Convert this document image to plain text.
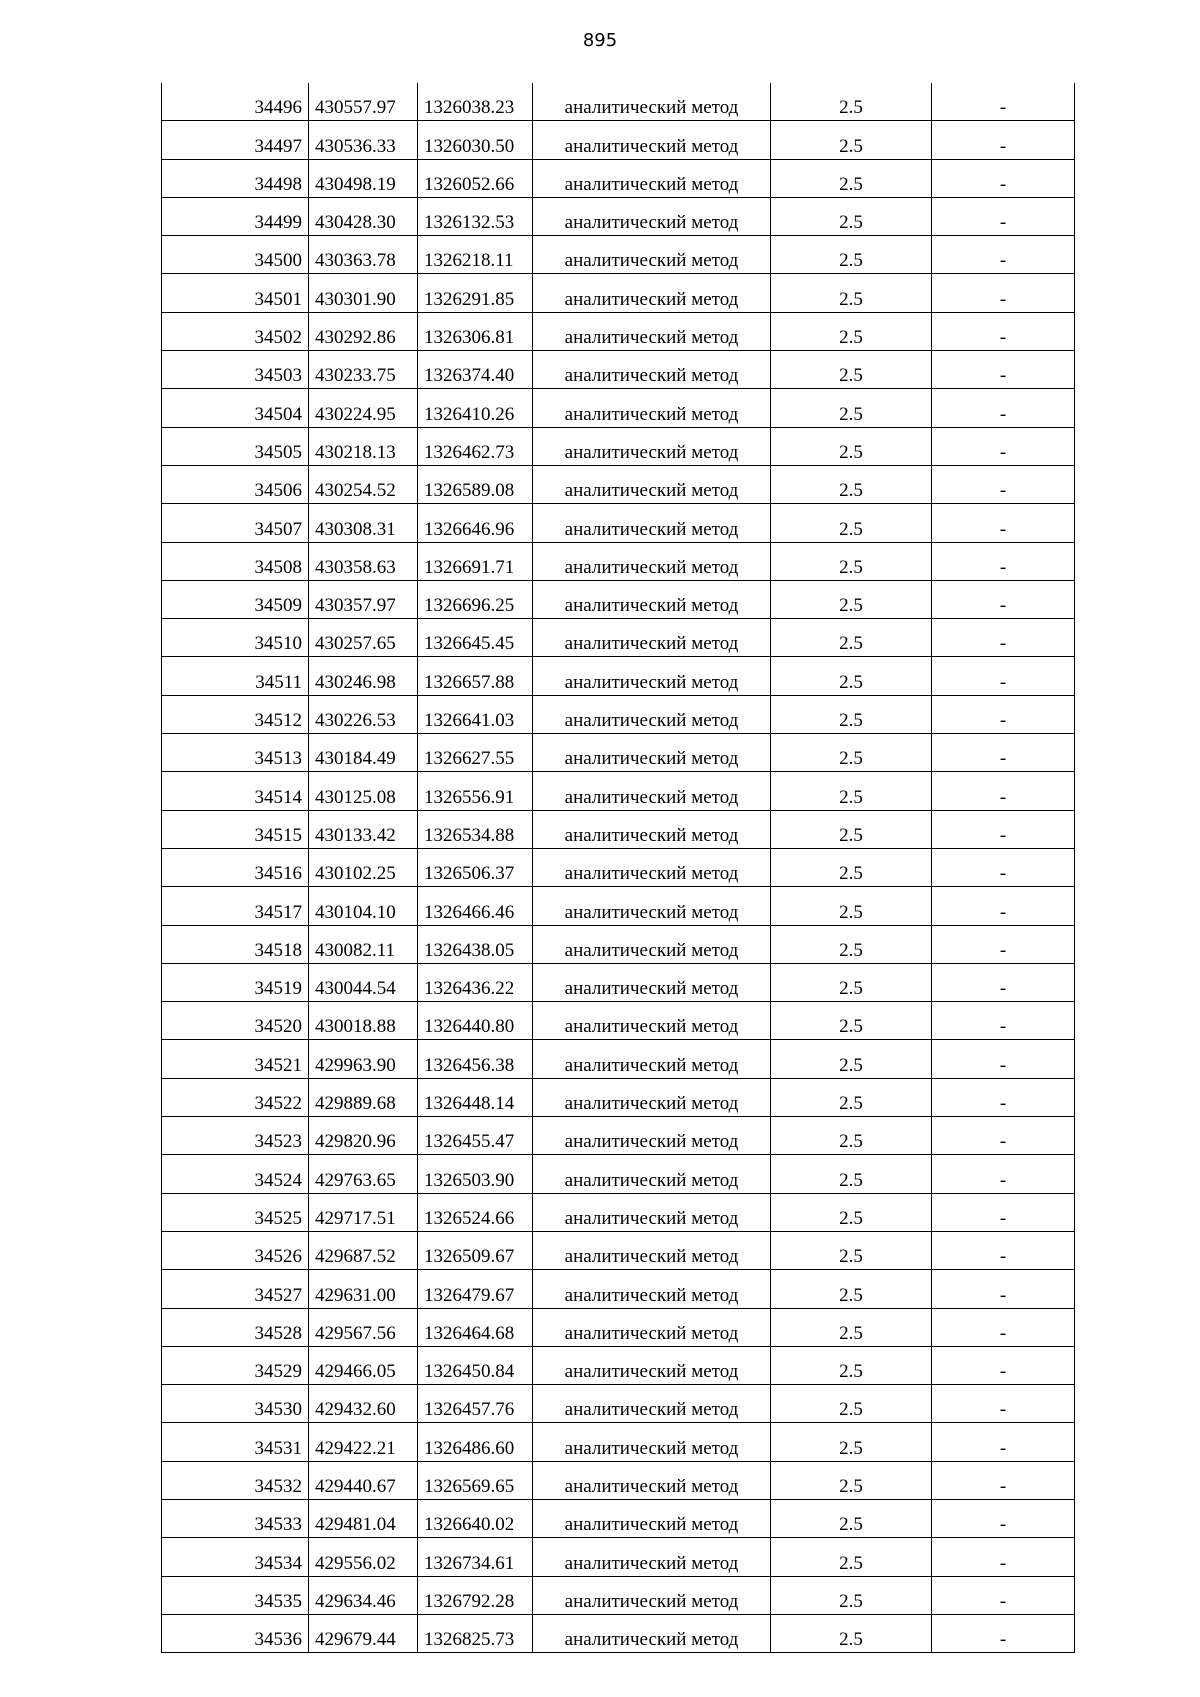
895
34496	430557.97	1326038.23	аналитический метод	2.5	-
34497	430536.33	1326030.50	аналитический метод	2.5	-
34498	430498.19	1326052.66	аналитический метод	2.5	-
34499	430428.30	1326132.53	аналитический метод	2.5	-
34500	430363.78	1326218.11	аналитический метод	2.5	-
34501	430301.90	1326291.85	аналитический метод	2.5	-
34502	430292.86	1326306.81	аналитический метод	2.5	-
34503	430233.75	1326374.40	аналитический метод	2.5	-
34504	430224.95	1326410.26	аналитический метод	2.5	-
34505	430218.13	1326462.73	аналитический метод	2.5	-
34506	430254.52	1326589.08	аналитический метод	2.5	-
34507	430308.31	1326646.96	аналитический метод	2.5	-
34508	430358.63	1326691.71	аналитический метод	2.5	-
34509	430357.97	1326696.25	аналитический метод	2.5	-
34510	430257.65	1326645.45	аналитический метод	2.5	-
34511	430246.98	1326657.88	аналитический метод	2.5	-
34512	430226.53	1326641.03	аналитический метод	2.5	-
34513	430184.49	1326627.55	аналитический метод	2.5	-
34514	430125.08	1326556.91	аналитический метод	2.5	-
34515	430133.42	1326534.88	аналитический метод	2.5	-
34516	430102.25	1326506.37	аналитический метод	2.5	-
34517	430104.10	1326466.46	аналитический метод	2.5	-
34518	430082.11	1326438.05	аналитический метод	2.5	-
34519	430044.54	1326436.22	аналитический метод	2.5	-
34520	430018.88	1326440.80	аналитический метод	2.5	-
34521	429963.90	1326456.38	аналитический метод	2.5	-
34522	429889.68	1326448.14	аналитический метод	2.5	-
34523	429820.96	1326455.47	аналитический метод	2.5	-
34524	429763.65	1326503.90	аналитический метод	2.5	-
34525	429717.51	1326524.66	аналитический метод	2.5	-
34526	429687.52	1326509.67	аналитический метод	2.5	-
34527	429631.00	1326479.67	аналитический метод	2.5	-
34528	429567.56	1326464.68	аналитический метод	2.5	-
34529	429466.05	1326450.84	аналитический метод	2.5	-
34530	429432.60	1326457.76	аналитический метод	2.5	-
34531	429422.21	1326486.60	аналитический метод	2.5	-
34532	429440.67	1326569.65	аналитический метод	2.5	-
34533	429481.04	1326640.02	аналитический метод	2.5	-
34534	429556.02	1326734.61	аналитический метод	2.5	-
34535	429634.46	1326792.28	аналитический метод	2.5	-
34536	429679.44	1326825.73	аналитический метод	2.5	-
